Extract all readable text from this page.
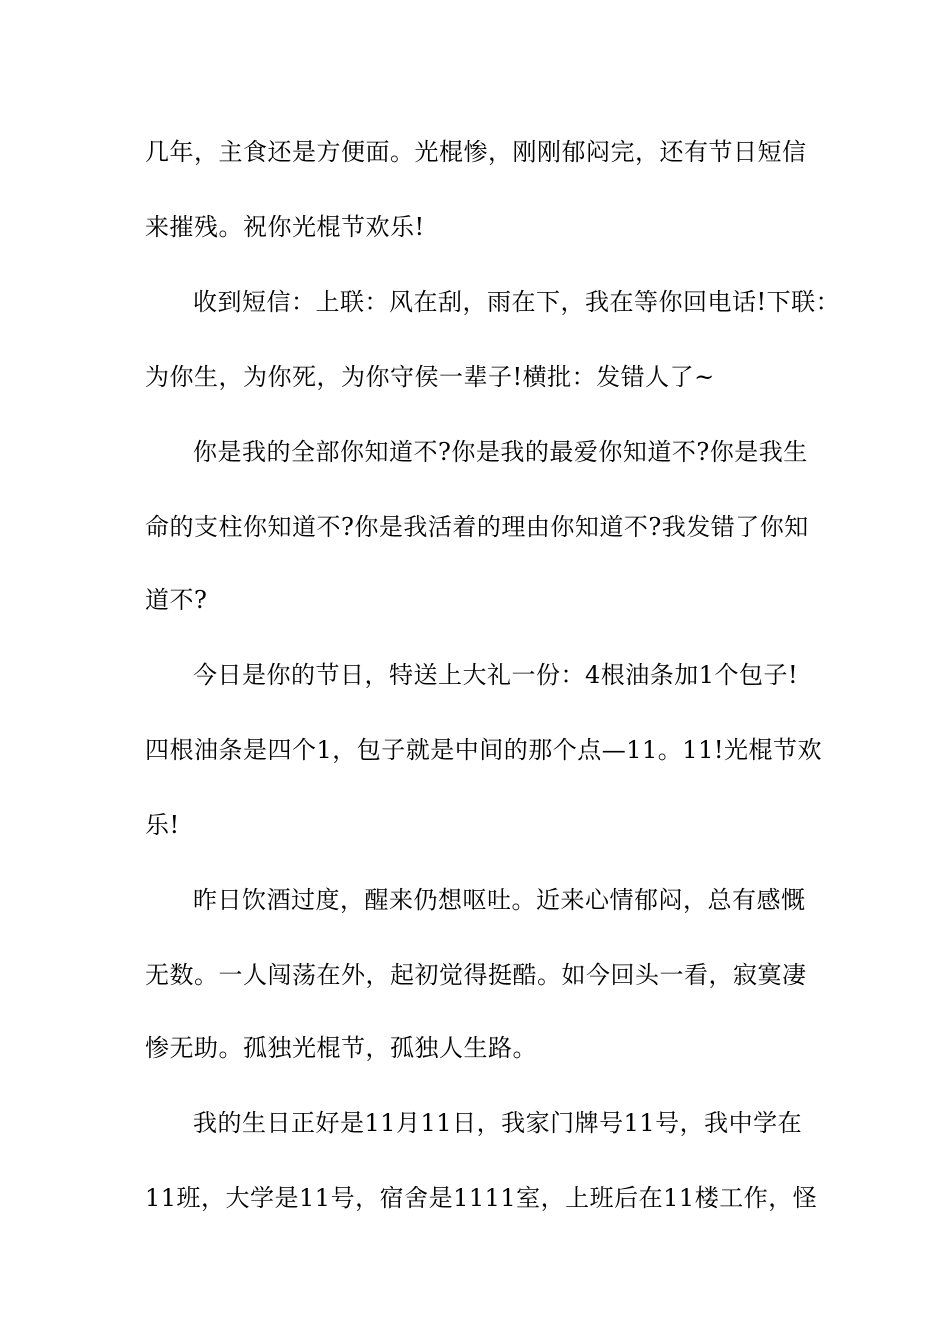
几年，主食还是方便面。光棍惨，刚刚郁闷完，还有节日短信
来摧残。祝你光棍节欢乐!
收到短信：上联：风在刮，雨在下，我在等你回电话!下联：
为你生，为你死，为你守侯一辈子!横批：发错人了~
你是我的全部你知道不?你是我的最爱你知道不?你是我生
命的支柱你知道不?你是我活着的理由你知道不?我发错了你知
道不?
今日是你的节日，特送上大礼一份：4根油条加1个包子!
四根油条是四个1，包子就是中间的那个点—11。11!光棍节欢
乐!
昨日饮酒过度，醒来仍想呕吐。近来心情郁闷，总有感慨
无数。一人闯荡在外，起初觉得挺酷。如今回头一看，寂寞凄
惨无助。孤独光棍节，孤独人生路。
我的生日正好是11月11日，我家门牌号11号，我中学在
11班，大学是11号，宿舍是1111室，上班后在11楼工作，怪
